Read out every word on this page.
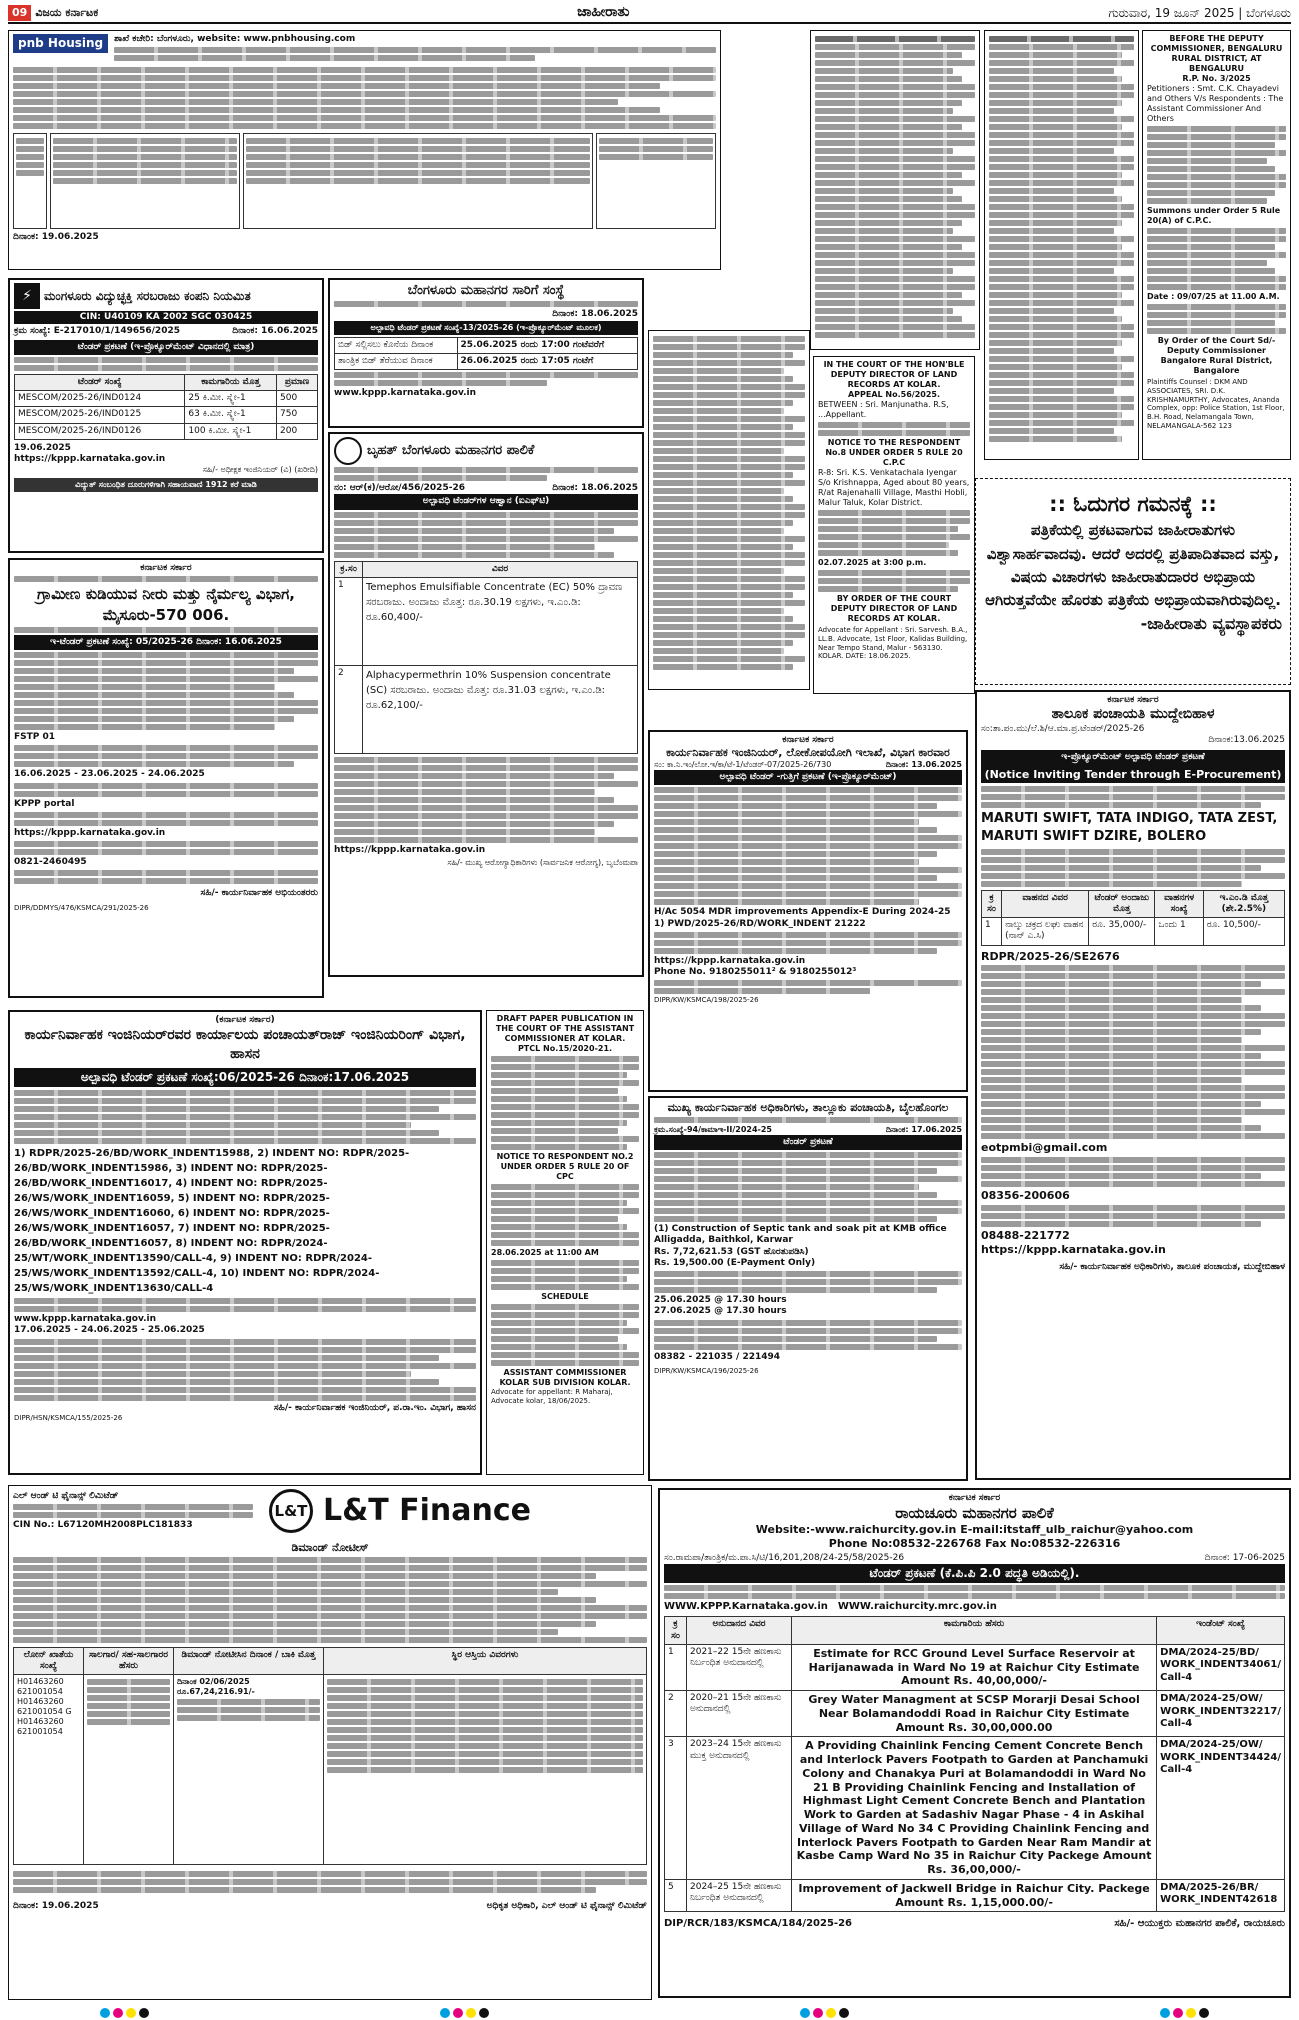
09 ವಿಜಯ ಕರ್ನಾಟಕ	ಜಾಹೀರಾತು	ಗುರುವಾರ, 19 ಜೂನ್ 2025 | ಬೆಂಗಳೂರು
pnb Housing	ಶಾಖೆ ಕಚೇರಿ: ಬೆಂಗಳೂರು, website: www.pnbhousing.com
ದಿನಾಂಕ: 19.06.2025
⚡	ಮಂಗಳೂರು ವಿದ್ಯುಚ್ಛಕ್ತಿ ಸರಬರಾಜು ಕಂಪನಿ ನಿಯಮಿತ
CIN: U40109 KA 2002 SGC 030425
ಕ್ರಮ ಸಂಖ್ಯೆ: E-217010/1/149656/2025	ದಿನಾಂಕ: 16.06.2025
ಟೆಂಡರ್ ಪ್ರಕಟಣೆ (ಇ-ಪ್ರೊಕ್ಯೂರ್‌ಮೆಂಟ್ ವಿಧಾನದಲ್ಲಿ ಮಾತ್ರ)
ಟೆಂಡರ್ ಸಂಖ್ಯೆ	ಕಾಮಗಾರಿಯ ಮೊತ್ತ	ಪ್ರಮಾಣ
MESCOM/2025-26/IND0124	25 ಕಿ.ಮೀ. ಸ್ಕ್ವೇ-1	500
MESCOM/2025-26/IND0125	63 ಕಿ.ಮೀ. ಸ್ಕ್ವೇ-1	750
MESCOM/2025-26/IND0126	100 ಕಿ.ಮೀ. ಸ್ಕ್ವೇ-1	200
19.06.2025
https://kppp.karnataka.gov.in
ಸಹಿ/- ಅಧೀಕ್ಷಕ ಇಂಜಿನಿಯರ್ (ವಿ) (ಖರೀದಿ)
ವಿದ್ಯುತ್ ಸಂಬಂಧಿತ ದೂರುಗಳಿಗಾಗಿ ಸಹಾಯವಾಣಿ 1912 ಕರೆ ಮಾಡಿ
ಬೆಂಗಳೂರು ಮಹಾನಗರ ಸಾರಿಗೆ ಸಂಸ್ಥೆ
ದಿನಾಂಕ: 18.06.2025
ಅಲ್ಪಾವಧಿ ಟೆಂಡರ್ ಪ್ರಕಟಣೆ ಸಂಖ್ಯೆ-13/2025-26 (ಇ-ಪ್ರೊಕ್ಯೂರ್‌ಮೆಂಟ್ ಮೂಲಕ)
ಬಿಡ್ ಸಲ್ಲಿಸಲು ಕೊನೆಯ ದಿನಾಂಕ	25.06.2025 ರಂದು 17:00 ಗಂಟೆವರೆಗೆ
ತಾಂತ್ರಿಕ ಬಿಡ್ ತೆರೆಯುವ ದಿನಾಂಕ	26.06.2025 ರಂದು 17:05 ಗಂಟೆಗೆ
www.kppp.karnataka.gov.in
ಬೃಹತ್ ಬೆಂಗಳೂರು ಮಹಾನಗರ ಪಾಲಿಕೆ
ನಂ: ಆರ್(ಕ)/ಆರೋ/456/2025-26	ದಿನಾಂಕ: 18.06.2025
ಅಲ್ಪಾವಧಿ ಟೆಂಡರ್‌ಗಳ ಆಹ್ವಾನ (ಐಎಫ್‌ಟಿ)
ಕ್ರ.ಸಂ	ವಿವರ
1	Temephos Emulsifiable Concentrate (EC) 50% ದ್ರಾವಣ ಸರಬರಾಜು. ಅಂದಾಜು ಮೊತ್ತ: ರೂ.30.19 ಲಕ್ಷಗಳು, ಇ.ಎಂ.ಡಿ: ರೂ.60,400/-
2	Alphacypermethrin 10% Suspension concentrate (SC) ಸರಬರಾಜು. ಅಂದಾಜು ಮೊತ್ತ: ರೂ.31.03 ಲಕ್ಷಗಳು, ಇ.ಎಂ.ಡಿ: ರೂ.62,100/-
https://kppp.karnataka.gov.in
ಸಹಿ/- ಮುಖ್ಯ ಆರೋಗ್ಯಾಧಿಕಾರಿಗಳು (ಸಾರ್ವಜನಿಕ ಆರೋಗ್ಯ), ಬೃಬೆಂಮಪಾ
ಕರ್ನಾಟಕ ಸರ್ಕಾರ
ಗ್ರಾಮೀಣ ಕುಡಿಯುವ ನೀರು ಮತ್ತು ನೈರ್ಮಲ್ಯ ವಿಭಾಗ, ಮೈಸೂರು-570 006.
ಇ-ಟೆಂಡರ್ ಪ್ರಕಟಣೆ ಸಂಖ್ಯೆ: 05/2025-26 ದಿನಾಂಕ: 16.06.2025
FSTP 01
16.06.2025 - 23.06.2025 - 24.06.2025
KPPP portal
https://kppp.karnataka.gov.in
0821-2460495
ಸಹಿ/- ಕಾರ್ಯನಿರ್ವಾಹಕ ಅಭಿಯಂತರರು
DIPR/DDMYS/476/KSMCA/291/2025-26
IN THE COURT OF THE HON'BLE DEPUTY DIRECTOR OF LAND RECORDS AT KOLAR.
APPEAL No.56/2025.
BETWEEN : Sri. Manjunatha. R.S, ...Appellant.
NOTICE TO THE RESPONDENT No.8 UNDER ORDER 5 RULE 20 C.P.C
R-8: Sri. K.S. Venkatachala Iyengar S/o Krishnappa, Aged about 80 years, R/at Rajenahalli Village, Masthi Hobli, Malur Taluk, Kolar District.
02.07.2025 at 3:00 p.m.
BY ORDER OF THE COURT DEPUTY DIRECTOR OF LAND RECORDS AT KOLAR.
Advocate for Appellant : Sri. Sarvesh. B.A., LL.B. Advocate, 1st Floor, Kalidas Building, Near Tempo Stand, Malur - 563130. KOLAR. DATE: 18.06.2025.
BEFORE THE DEPUTY COMMISSIONER, BENGALURU RURAL DISTRICT, AT BENGALURU
R.P. No. 3/2025
Petitioners : Smt. C.K. Chayadevi and Others V/s Respondents : The Assistant Commissioner And Others
Summons under Order 5 Rule 20(A) of C.P.C.
Date : 09/07/25 at 11.00 A.M.
By Order of the Court Sd/- Deputy Commissioner Bangalore Rural District, Bangalore
Plaintiffs Counsel : DKM AND ASSOCIATES, SRI. D.K. KRISHNAMURTHY, Advocates, Ananda Complex, opp: Police Station, 1st Floor, B.H. Road, Nelamangala Town, NELAMANGALA-562 123
:: ಓದುಗರ ಗಮನಕ್ಕೆ ::
ಪತ್ರಿಕೆಯಲ್ಲಿ ಪ್ರಕಟವಾಗುವ ಜಾಹೀರಾತುಗಳು ವಿಶ್ವಾಸಾರ್ಹವಾದವು. ಆದರೆ ಅದರಲ್ಲಿ ಪ್ರತಿಪಾದಿತವಾದ ವಸ್ತು, ವಿಷಯ ವಿಚಾರಗಳು ಜಾಹೀರಾತುದಾರರ ಅಭಿಪ್ರಾಯ ಆಗಿರುತ್ತವೆಯೇ ಹೊರತು ಪತ್ರಿಕೆಯ ಅಭಿಪ್ರಾಯವಾಗಿರುವುದಿಲ್ಲ.
-ಜಾಹೀರಾತು ವ್ಯವಸ್ಥಾಪಕರು
ಕರ್ನಾಟಕ ಸರ್ಕಾರ
ಕಾರ್ಯನಿರ್ವಾಹಕ ಇಂಜಿನಿಯರ್, ಲೋಕೋಪಯೋಗಿ ಇಲಾಖೆ, ವಿಭಾಗ ಕಾರವಾರ
ಸಂ: ಕಾ.ನಿ.ಇಂ/ಲೋ.ಇ/ಕಾ/ಟೆ-1/ಟೆಂಡರ್-07/2025-26/730	ದಿನಾಂಕ: 13.06.2025
ಅಲ್ಪಾವಧಿ ಟೆಂಡರ್ -ಗುತ್ತಿಗೆ ಪ್ರಕಟಣೆ (ಇ-ಪ್ರೊಕ್ಯೂರ್‌ಮೆಂಟ್)
H/Ac 5054 MDR improvements Appendix-E During 2024-25
1) PWD/2025-26/RD/WORK_INDENT 21222
https://kppp.karnataka.gov.in
Phone No. 9180255011² & 9180255012³
DIPR/KW/KSMCA/198/2025-26
ಕರ್ನಾಟಕ ಸರ್ಕಾರ
ತಾಲೂಕ ಪಂಚಾಯತಿ ಮುದ್ದೇಬಿಹಾಳ
ಸಂ:ತಾ.ಪಂ.ಮು/ಲೆ.ಶಿ/ಆ.ಮಾ.ಪ್ರ.ಟೆಂಡರ್/2025-26
ದಿನಾಂಕ:13.06.2025
ಇ-ಪ್ರೊಕ್ಯೂರ್‌ಮೆಂಟ್ ಅಲ್ಪಾವಧಿ ಟೆಂಡರ್ ಪ್ರಕಟಣೆ
(Notice Inviting Tender through E-Procurement)
MARUTI SWIFT, TATA INDIGO, TATA ZEST, MARUTI SWIFT DZIRE, BOLERO
ಕ್ರ ಸಂ	ವಾಹನದ ವಿವರ	ಟೆಂಡರ್ ಅಂದಾಜು ಮೊತ್ತ	ವಾಹನಗಳ ಸಂಖ್ಯೆ	ಇ.ಎಂ.ಡಿ ಮೊತ್ತ (ಶೇ.2.5%)
1	ನಾಲ್ಕು ಚಕ್ರದ ಲಘು ವಾಹನ (ನಾನ್ ಎ.ಸಿ)	ರೂ. 35,000/-	ಒಂದು 1	ರೂ. 10,500/-
RDPR/2025-26/SE2676
eotpmbi@gmail.com
08356-200606
08488-221772
https://kppp.karnataka.gov.in
ಸಹಿ/- ಕಾರ್ಯನಿರ್ವಾಹಕ ಅಧಿಕಾರಿಗಳು, ತಾಲೂಕ ಪಂಚಾಯತ, ಮುದ್ದೇಬಿಹಾಳ
ಮುಖ್ಯ ಕಾರ್ಯನಿರ್ವಾಹಕ ಅಧಿಕಾರಿಗಳು, ತಾಲ್ಲೂಕು ಪಂಚಾಯತಿ, ಬೈಲಹೊಂಗಲ
ಕ್ರಮ.ಸಂಖ್ಯೆ-94/ಕಾಮಾಇ-II/2024-25	ದಿನಾಂಕ: 17.06.2025
ಟೆಂಡರ್ ಪ್ರಕಟಣೆ
(1) Construction of Septic tank and soak pit at KMB office Alligadda, Baithkol, Karwar
Rs. 7,72,621.53 (GST ಹೊರತುಪಡಿಸಿ)
Rs. 19,500.00 (E-Payment Only)
25.06.2025 @ 17.30 hours
27.06.2025 @ 17.30 hours
08382 - 221035 / 221494
DIPR/KW/KSMCA/196/2025-26
(ಕರ್ನಾಟಕ ಸರ್ಕಾರ)
ಕಾರ್ಯನಿರ್ವಾಹಕ ಇಂಜಿನಿಯರ್‌ರವರ ಕಾರ್ಯಾಲಯ ಪಂಚಾಯತ್‌ರಾಜ್ ಇಂಜಿನಿಯರಿಂಗ್ ವಿಭಾಗ, ಹಾಸನ
ಅಲ್ಪಾವಧಿ ಟೆಂಡರ್ ಪ್ರಕಟಣೆ ಸಂಖ್ಯೆ:06/2025-26 ದಿನಾಂಕ:17.06.2025
1) RDPR/2025-26/BD/WORK_INDENT15988, 2) INDENT NO: RDPR/2025-26/BD/WORK_INDENT15986, 3) INDENT NO: RDPR/2025-26/BD/WORK_INDENT16017, 4) INDENT NO: RDPR/2025-26/WS/WORK_INDENT16059, 5) INDENT NO: RDPR/2025-26/WS/WORK_INDENT16060, 6) INDENT NO: RDPR/2025-26/WS/WORK_INDENT16057, 7) INDENT NO: RDPR/2025-26/BD/WORK_INDENT16057, 8) INDENT NO: RDPR/2024-25/WT/WORK_INDENT13590/CALL-4, 9) INDENT NO: RDPR/2024-25/WS/WORK_INDENT13592/CALL-4, 10) INDENT NO: RDPR/2024-25/WS/WORK_INDENT13630/CALL-4
www.kppp.karnataka.gov.in
17.06.2025 - 24.06.2025 - 25.06.2025
ಸಹಿ/- ಕಾರ್ಯನಿರ್ವಾಹಕ ಇಂಜಿನಿಯರ್, ಪ.ರಾ.ಇಂ. ವಿಭಾಗ, ಹಾಸನ
DIPR/HSN/KSMCA/155/2025-26
DRAFT PAPER PUBLICATION IN THE COURT OF THE ASSISTANT COMMISSIONER AT KOLAR.
PTCL No.15/2020-21.
NOTICE TO RESPONDENT NO.2 UNDER ORDER 5 RULE 20 OF CPC
28.06.2025 at 11:00 AM
SCHEDULE
ASSISTANT COMMISSIONER KOLAR SUB DIVISION KOLAR.
Advocate for appellant: R Maharaj, Advocate kolar, 18/06/2025.
ಎಲ್ ಆಂಡ್ ಟಿ ಫೈನಾನ್ಸ್ ಲಿಮಿಟೆಡ್
CIN No.: L67120MH2008PLC181833
L&T L&T Finance
ಡಿಮಾಂಡ್ ನೋಟೀಸ್
ಲೋನ್ ಖಾತೆಯ ಸಂಖ್ಯೆ	ಸಾಲಗಾರ/ ಸಹ-ಸಾಲಗಾರರ ಹೆಸರು	ಡಿಮಾಂಡ್ ನೋಟೀಸಿನ ದಿನಾಂಕ / ಬಾಕಿ ಮೊತ್ತ	ಸ್ಥಿರ ಆಸ್ತಿಯ ವಿವರಗಳು
H01463260 621001054 H01463260 621001054 G H01463260 621001054		ದಿನಾಂಕ 02/06/2025
ರೂ.67,24,216.91/-	

ದಿನಾಂಕ: 19.06.2025	ಅಧಿಕೃತ ಅಧಿಕಾರಿ, ಎಲ್ ಆಂಡ್ ಟಿ ಫೈನಾನ್ಸ್ ಲಿಮಿಟೆಡ್
ಕರ್ನಾಟಕ ಸರ್ಕಾರ
ರಾಯಚೂರು ಮಹಾನಗರ ಪಾಲಿಕೆ
Website:-www.raichurcity.gov.in E-mail:itstaff_ulb_raichur@yahoo.com
Phone No:08532-226768 Fax No:08532-226316
ಸಂ.ರಾಮಪಾ/ತಾಂತ್ರಿಕ/ಮ.ಪಾ.ಸಿ/ಟಿ/16,201,208/24-25/58/2025-26	ದಿನಾಂಕ: 17-06-2025
ಟೆಂಡರ್ ಪ್ರಕಟಣೆ (ಕೆ.ಪಿ.ಪಿ 2.0 ಪದ್ಧತಿ ಅಡಿಯಲ್ಲಿ).
WWW.KPPP.Karnataka.gov.in WWW.raichurcity.mrc.gov.in
ಕ್ರ ಸಂ	ಅನುದಾನದ ವಿವರ	ಕಾಮಗಾರಿಯ ಹೆಸರು	ಇಂಡೆಂಟ್ ಸಂಖ್ಯೆ
1	2021–22 15ನೇ ಹಣಕಾಸು ನಿರ್ಬಂಧಿತ ಅನುದಾನದಲ್ಲಿ	Estimate for RCC Ground Level Surface Reservoir at Harijanawada in Ward No 19 at Raichur City Estimate Amount Rs. 40,00,000/-	DMA/2024-25/BD/ WORK_INDENT34061/ Call-4
2	2020–21 15ನೇ ಹಣಕಾಸು ಅನುದಾನದಲ್ಲಿ	Grey Water Managment at SCSP Morarji Desai School Near Bolamandoddi Road in Raichur City Estimate Amount Rs. 30,00,000.00	DMA/2024-25/OW/ WORK_INDENT32217/ Call-4
3	2023–24 15ನೇ ಹಣಕಾಸು ಮುಕ್ತ ಅನುದಾನದಲ್ಲಿ	A Providing Chainlink Fencing Cement Concrete Bench and Interlock Pavers Footpath to Garden at Panchamuki Colony and Chanakya Puri at Bolamandoddi in Ward No 21 B Providing Chainlink Fencing and Installation of Highmast Light Cement Concrete Bench and Plantation Work to Garden at Sadashiv Nagar Phase - 4 in Askihal Village of Ward No 34 C Providing Chainlink Fencing and Interlock Pavers Footpath to Garden Near Ram Mandir at Kasbe Camp Ward No 35 in Raichur City Packege Amount Rs. 36,00,000/-	DMA/2024-25/OW/ WORK_INDENT34424/ Call-4
5	2024–25 15ನೇ ಹಣಕಾಸು ನಿರ್ಬಂಧಿತ ಅನುದಾನದಲ್ಲಿ	Improvement of Jackwell Bridge in Raichur City. Packege Amount Rs. 1,15,000.00/-	DMA/2025-26/BR/ WORK_INDENT42618
DIP/RCR/183/KSMCA/184/2025-26	ಸಹಿ/- ಆಯುಕ್ತರು ಮಹಾನಗರ ಪಾಲಿಕೆ, ರಾಯಚೂರು
